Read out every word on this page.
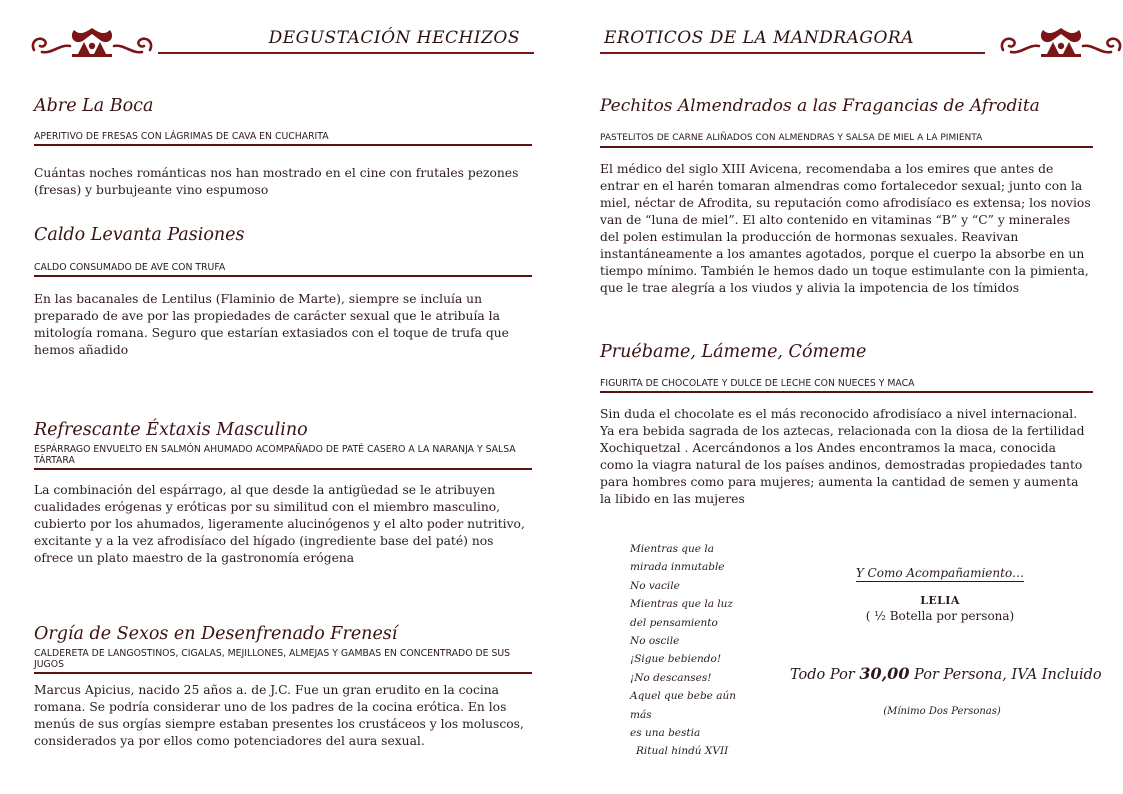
DEGUSTACIÓN HECHIZOS
Abre La Boca
APERITIVO DE FRESAS CON LÁGRIMAS DE CAVA EN CUCHARITA

Cuántas noches románticas nos han mostrado en el cine con frutales pezones (fresas) y burbujeante vino espumoso

Caldo Levanta Pasiones
CALDO CONSUMADO DE AVE CON TRUFA

En las bacanales de Lentilus (Flaminio de Marte), siempre se incluía un preparado de ave por las propiedades de carácter sexual que le atribuía la mitología romana. Seguro que estarían extasiados con el toque de trufa que hemos añadido

Refrescante Éxtaxis Masculino
ESPÁRRAGO ENVUELTO EN SALMÓN AHUMADO ACOMPAÑADO DE PATÉ CASERO A LA NARANJA Y SALSA TÁRTARA

La combinación del espárrago, al que desde la antigüedad se le atribuyen cualidades erógenas y eróticas por su similitud con el miembro masculino, cubierto por los ahumados, ligeramente alucinógenos y el alto poder nutritivo, excitante y a la vez afrodisíaco del hígado (ingrediente base del paté) nos ofrece un plato maestro de la gastronomía erógena

Orgía de Sexos en Desenfrenado Frenesí
CALDERETA DE LANGOSTINOS, CIGALAS, MEJILLONES, ALMEJAS Y GAMBAS EN CONCENTRADO DE SUS JUGOS

Marcus Apicius, nacido 25 años a. de J.C. Fue un gran erudito en la cocina romana. Se podría considerar uno de los padres de la cocina erótica. En los menús de sus orgías siempre estaban presentes los crustáceos y los moluscos, considerados ya por ellos como potenciadores del aura sexual.

EROTICOS DE LA MANDRAGORA
Pechitos Almendrados a las Fragancias de Afrodita
PASTELITOS DE CARNE ALIÑADOS CON ALMENDRAS Y SALSA DE MIEL A LA PIMIENTA

El médico del siglo XIII Avicena, recomendaba a los emires que antes de entrar en el harén tomaran almendras como fortalecedor sexual; junto con la miel, néctar de Afrodita, su reputación como afrodisíaco es extensa; los novios van de “luna de miel”. El alto contenido en vitaminas “B” y “C” y minerales del polen estimulan la producción de hormonas sexuales. Reavivan instantáneamente a los amantes agotados, porque el cuerpo la absorbe en un tiempo mínimo. También le hemos dado un toque estimulante con la pimienta, que le trae alegría a los viudos y alivia la impotencia de los tímidos

Pruébame, Lámeme, Cómeme
FIGURITA DE CHOCOLATE Y DULCE DE LECHE CON NUECES Y MACA

Sin duda el chocolate es el más reconocido afrodisíaco a nivel internacional. Ya era bebida sagrada de los aztecas, relacionada con la diosa de la fertilidad Xochiquetzal . Acercándonos a los Andes encontramos la maca, conocida como la viagra natural de los países andinos, demostradas propiedades tanto para hombres como para mujeres; aumenta la cantidad de semen y aumenta la libido en las mujeres

Mientras que la
mirada inmutable
No vacile
Mientras que la luz
del pensamiento
No oscile
¡Sigue bebiendo!
¡No descanses!
Aquel que bebe aún
más
es una bestia
Ritual hindú XVII
Y Como Acompañamiento…
LELIA
( ½ Botella por persona)
Todo Por 30,00 Por Persona, IVA Incluido
(Mínimo Dos Personas)
